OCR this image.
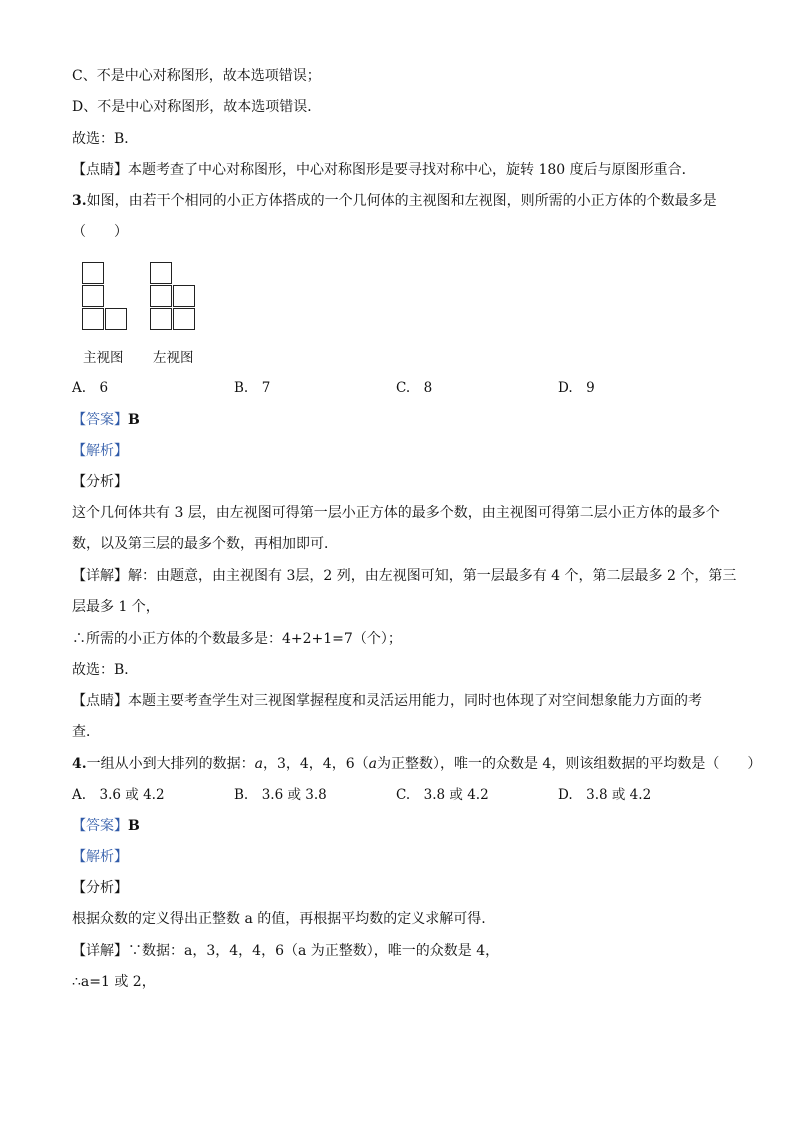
C、不是中心对称图形，故本选项错误；
D、不是中心对称图形，故本选项错误．
故选：B．
【点睛】本题考查了中心对称图形，中心对称图形是要寻找对称中心，旋转 180 度后与原图形重合．
3.如图，由若干个相同的小正方体搭成的一个几何体的主视图和左视图，则所需的小正方体的个数最多是
（　　）
主视图 左视图
A.　6	B.　7	C.　8	D.　9
【答案】B
【解析】
【分析】
这个几何体共有 3 层，由左视图可得第一层小正方体的最多个数，由主视图可得第二层小正方体的最多个
数，以及第三层的最多个数，再相加即可．
【详解】解：由题意，由主视图有 3层，2 列，由左视图可知，第一层最多有 4 个，第二层最多 2 个，第三
层最多 1 个，
∴所需的小正方体的个数最多是：4+2+1=7（个）；
故选：B．
【点睛】本题主要考查学生对三视图掌握程度和灵活运用能力，同时也体现了对空间想象能力方面的考
查．
4.一组从小到大排列的数据：a，3，4，4，6（a为正整数），唯一的众数是 4，则该组数据的平均数是（　　）
A.　3.6 或 4.2	B.　3.6 或 3.8	C.　3.8 或 4.2	D.　3.8 或 4.2
【答案】B
【解析】
【分析】
根据众数的定义得出正整数 a 的值，再根据平均数的定义求解可得.
【详解】∵数据：a，3，4，4，6（a 为正整数），唯一的众数是 4，
∴a=1 或 2，
